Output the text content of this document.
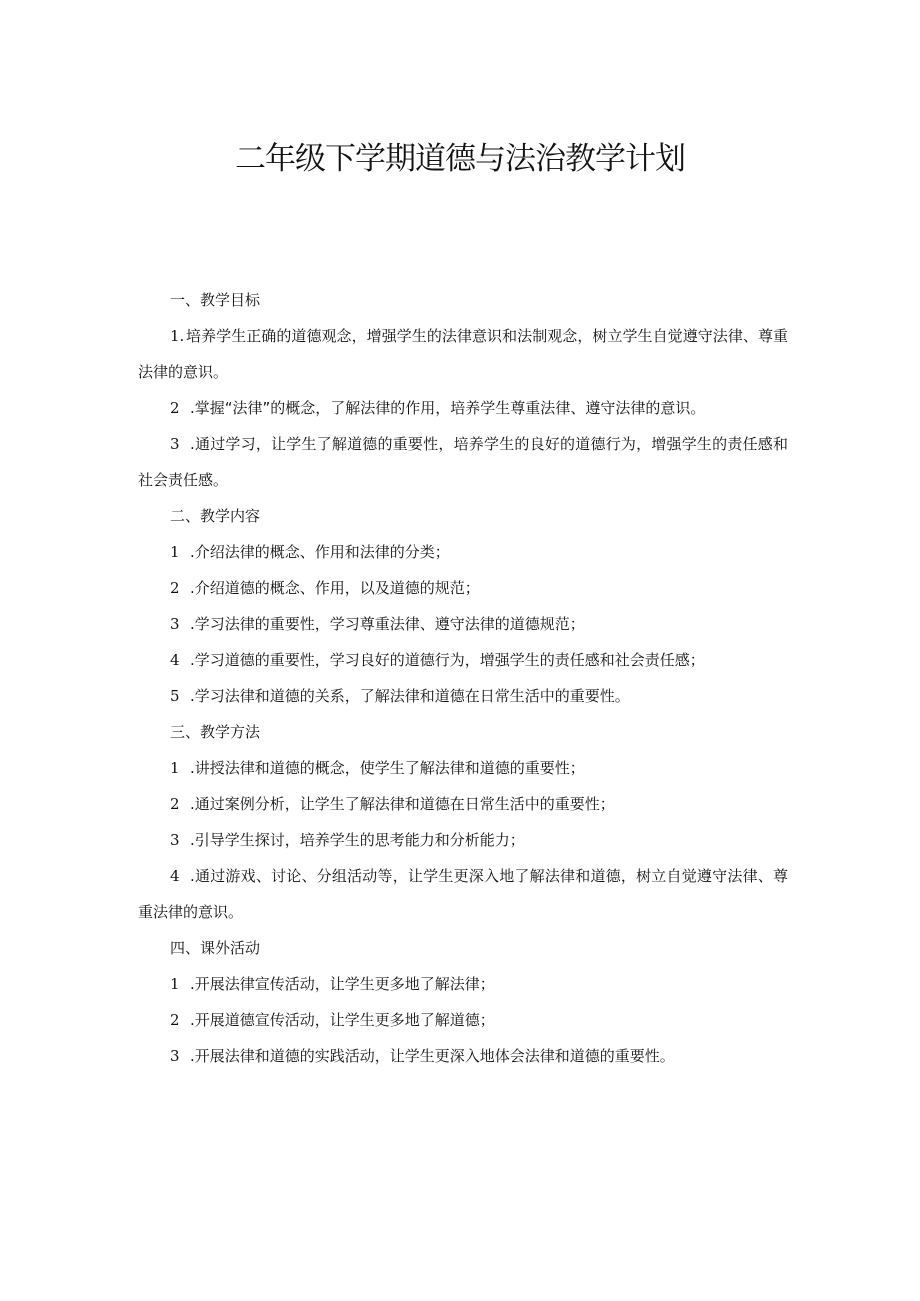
二年级下学期道德与法治教学计划

一、教学目标

1. 培养学生正确的道德观念，增强学生的法律意识和法制观念，树立学生自觉遵守法律、尊重法律的意识。

2 .掌握“法律”的概念，了解法律的作用，培养学生尊重法律、遵守法律的意识。

3 .通过学习，让学生了解道德的重要性，培养学生的良好的道德行为，增强学生的责任感和社会责任感。

二、教学内容

1 .介绍法律的概念、作用和法律的分类；

2 .介绍道德的概念、作用，以及道德的规范；

3 .学习法律的重要性，学习尊重法律、遵守法律的道德规范；

4 .学习道德的重要性，学习良好的道德行为，增强学生的责任感和社会责任感；

5 .学习法律和道德的关系，了解法律和道德在日常生活中的重要性。

三、教学方法

1 .讲授法律和道德的概念，使学生了解法律和道德的重要性；

2 .通过案例分析，让学生了解法律和道德在日常生活中的重要性；

3 .引导学生探讨，培养学生的思考能力和分析能力；

4 .通过游戏、讨论、分组活动等，让学生更深入地了解法律和道德，树立自觉遵守法律、尊重法律的意识。

四、课外活动

1 .开展法律宣传活动，让学生更多地了解法律；

2 .开展道德宣传活动，让学生更多地了解道德；

3 .开展法律和道德的实践活动，让学生更深入地体会法律和道德的重要性。
